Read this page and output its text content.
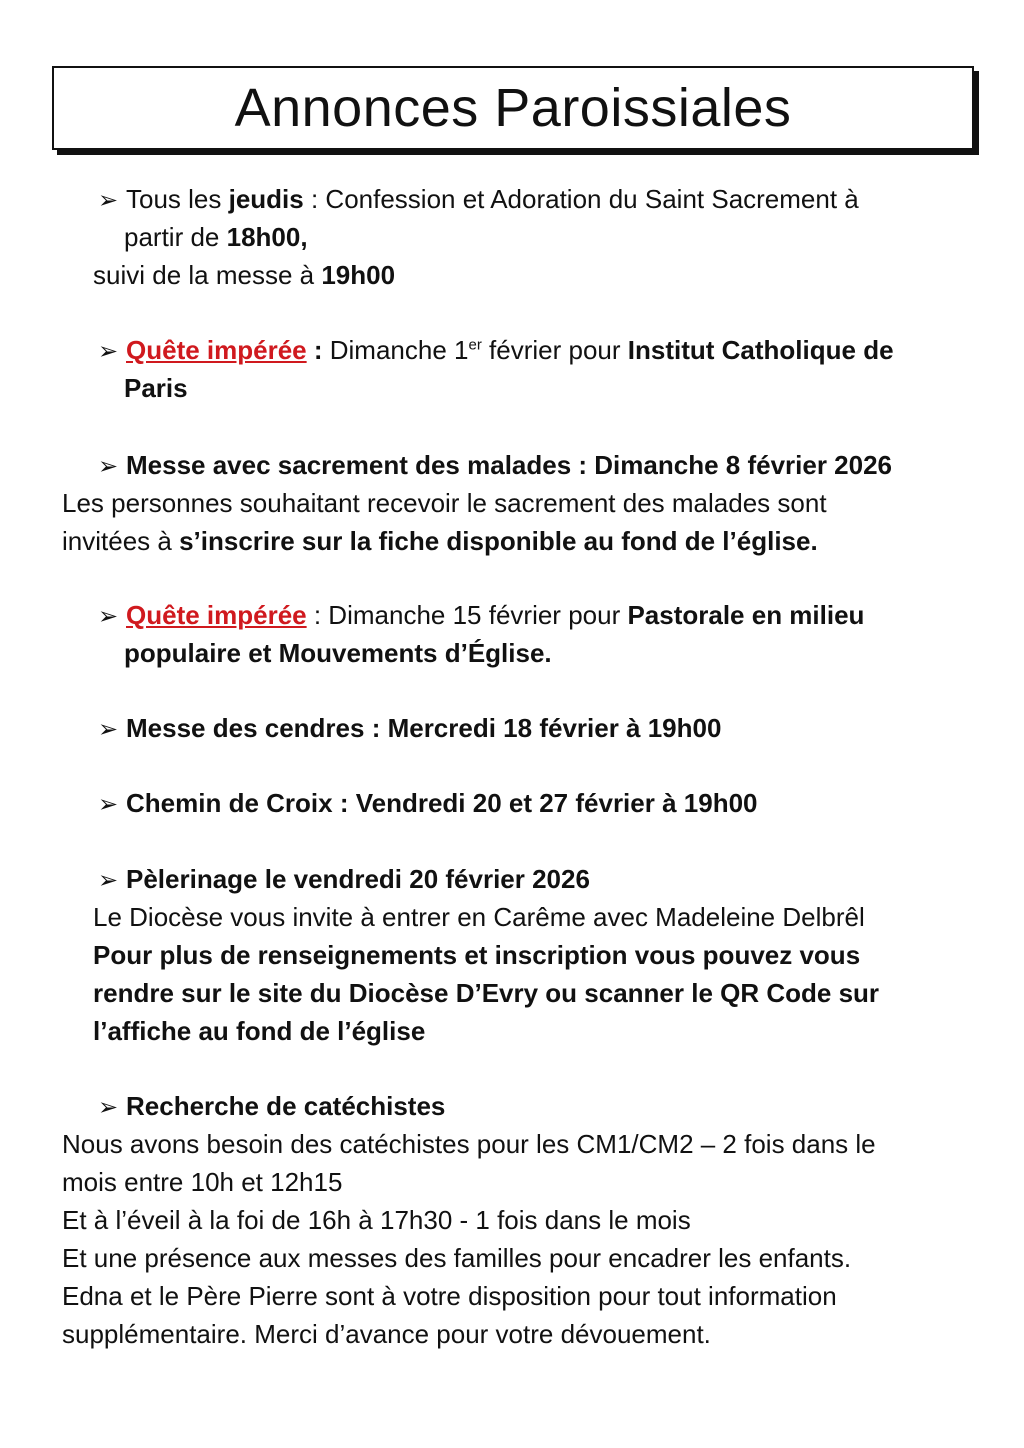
Annonces Paroissiales
➢ Tous les jeudis : Confession et Adoration du Saint Sacrement à
partir de 18h00,
suivi de la messe à 19h00
➢ Quête impérée : Dimanche 1er février pour Institut Catholique de
Paris
➢ Messe avec sacrement des malades : Dimanche 8 février 2026
Les personnes souhaitant recevoir le sacrement des malades sont
invitées à s’inscrire sur la fiche disponible au fond de l’église.
➢ Quête impérée : Dimanche 15 février pour Pastorale en milieu
populaire et Mouvements d’Église.
➢ Messe des cendres : Mercredi 18 février à 19h00
➢ Chemin de Croix : Vendredi 20 et 27 février à 19h00
➢ Pèlerinage le vendredi 20 février 2026
Le Diocèse vous invite à entrer en Carême avec Madeleine Delbrêl
Pour plus de renseignements et inscription vous pouvez vous
rendre sur le site du Diocèse D’Evry ou scanner le QR Code sur
l’affiche au fond de l’église
➢ Recherche de catéchistes
Nous avons besoin des catéchistes pour les CM1/CM2 – 2 fois dans le
mois entre 10h et 12h15
Et à l’éveil à la foi de 16h à 17h30 - 1 fois dans le mois
Et une présence aux messes des familles pour encadrer les enfants.
Edna et le Père Pierre sont à votre disposition pour tout information
supplémentaire. Merci d’avance pour votre dévouement.
